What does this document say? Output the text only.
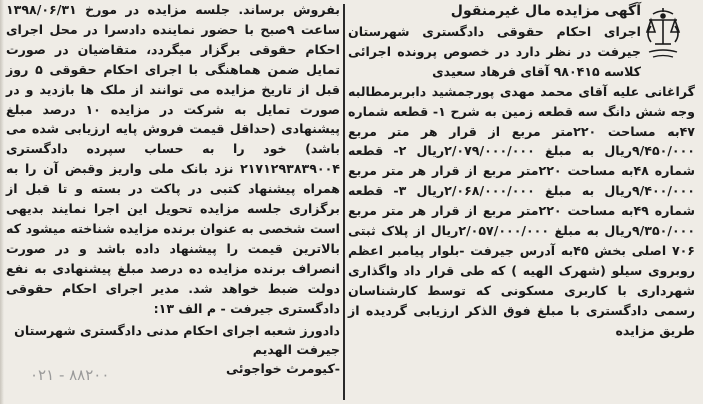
آگهی مزایده مال غیرمنقول

اجرای احکام حقوقی دادگستری شهرستان جیرفت در نظر دارد در خصوص پرونده اجرائی کلاسه ۹۸۰۴۱۵ آقای فرهاد سعیدی

گراغانی علیه آقای محمد مهدی پورجمشید دابربرمطالبه وجه شش دانگ سه قطعه زمین به شرح ۱- قطعه شماره ۴۷به مساحت ۲۲۰متر مربع از قرار هر متر مربع ۹/۴۵۰/۰۰۰ریال به مبلغ ۲/۰۷۹/۰۰۰/۰۰۰ریال ۲- قطعه شماره ۴۸به مساحت ۲۲۰متر مربع از قرار هر متر مربع ۹/۴۰۰/۰۰۰ریال به مبلغ ۲/۰۶۸/۰۰۰/۰۰۰ریال ۳- قطعه شماره ۴۹به مساحت ۲۲۰متر مربع از قرار هر متر مربع ۹/۳۵۰/۰۰۰ریال به مبلغ ۲/۰۵۷/۰۰۰/۰۰۰ریال از پلاک ثبتی ۷۰۶ اصلی بخش ۴۵به آدرس جیرفت -بلوار پیامبر اعظم روبروی سیلو (شهرک الهیه ) که طی قرار داد واگذاری شهرداری با کاربری مسکونی که توسط کارشناسان رسمی دادگستری با مبلغ فوق الذکر ارزیابی گردیده از طریق مزایده

بفروش برساند. جلسه مزایده در مورخ ۱۳۹۸/۰۶/۳۱ ساعت ۹صبح با حضور نماینده دادسرا در محل اجرای احکام حقوقی برگزار میگردد، متقاضیان در صورت تمایل ضمن هماهنگی با اجرای احکام حقوقی ۵ روز قبل از تاریخ مزایده می توانند از ملک ها بازدید و در صورت تمایل به شرکت در مزایده ۱۰ درصد مبلغ پیشنهادی (حداقل قیمت فروش پایه ارزیابی شده می باشد) خود را به حساب سپرده دادگستری ۲۱۷۱۲۹۳۸۳۹۰۰۴ نزد بانک ملی واریز وقبض آن را به همراه پیشنهاد کتبی در پاکت در بسته و تا قبل از برگزاری جلسه مزایده تحویل این اجرا نمایند بدیهی است شخصی به عنوان برنده مزایده شناخته میشود که بالاترین قیمت را پیشنهاد داده باشد و در صورت انصراف برنده مزایده ده درصد مبلغ پیشنهادی به نفع دولت ضبط خواهد شد. مدیر اجرای احکام حقوقی دادگستری جیرفت - م الف ۱۳:

دادورز شعبه اجرای احکام مدنی دادگستری شهرستان جیرفت الهدیم
-کیومرث خواجوئی
۰۲۱ - ۸۸۲۰۰
